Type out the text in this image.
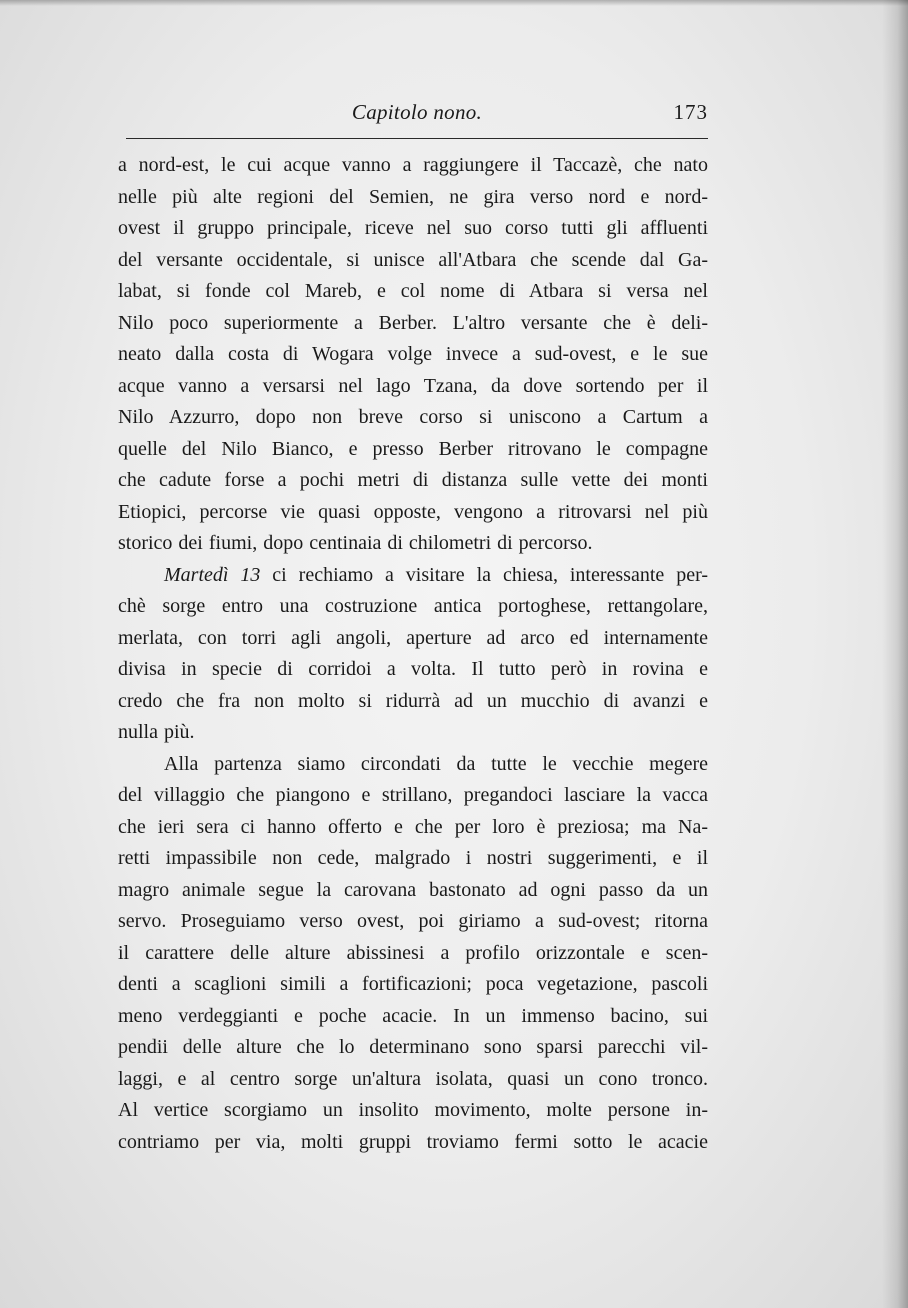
Capitolo nono.	173
a nord-est, le cui acque vanno a raggiungere il Taccazè, che nato
nelle più alte regioni del Semien, ne gira verso nord e nord-
ovest il gruppo principale, riceve nel suo corso tutti gli affluenti
del versante occidentale, si unisce all'Atbara che scende dal Ga-
labat, si fonde col Mareb, e col nome di Atbara si versa nel
Nilo poco superiormente a Berber. L'altro versante che è deli-
neato dalla costa di Wogara volge invece a sud-ovest, e le sue
acque vanno a versarsi nel lago Tzana, da dove sortendo per il
Nilo Azzurro, dopo non breve corso si uniscono a Cartum a
quelle del Nilo Bianco, e presso Berber ritrovano le compagne
che cadute forse a pochi metri di distanza sulle vette dei monti
Etiopici, percorse vie quasi opposte, vengono a ritrovarsi nel più
storico dei fiumi, dopo centinaia di chilometri di percorso.
Martedì 13 ci rechiamo a visitare la chiesa, interessante per-
chè sorge entro una costruzione antica portoghese, rettangolare,
merlata, con torri agli angoli, aperture ad arco ed internamente
divisa in specie di corridoi a volta. Il tutto però in rovina e
credo che fra non molto si ridurrà ad un mucchio di avanzi e
nulla più.
Alla partenza siamo circondati da tutte le vecchie megere
del villaggio che piangono e strillano, pregandoci lasciare la vacca
che ieri sera ci hanno offerto e che per loro è preziosa; ma Na-
retti impassibile non cede, malgrado i nostri suggerimenti, e il
magro animale segue la carovana bastonato ad ogni passo da un
servo. Proseguiamo verso ovest, poi giriamo a sud-ovest; ritorna
il carattere delle alture abissinesi a profilo orizzontale e scen-
denti a scaglioni simili a fortificazioni; poca vegetazione, pascoli
meno verdeggianti e poche acacie. In un immenso bacino, sui
pendii delle alture che lo determinano sono sparsi parecchi vil-
laggi, e al centro sorge un'altura isolata, quasi un cono tronco.
Al vertice scorgiamo un insolito movimento, molte persone in-
contriamo per via, molti gruppi troviamo fermi sotto le acacie
